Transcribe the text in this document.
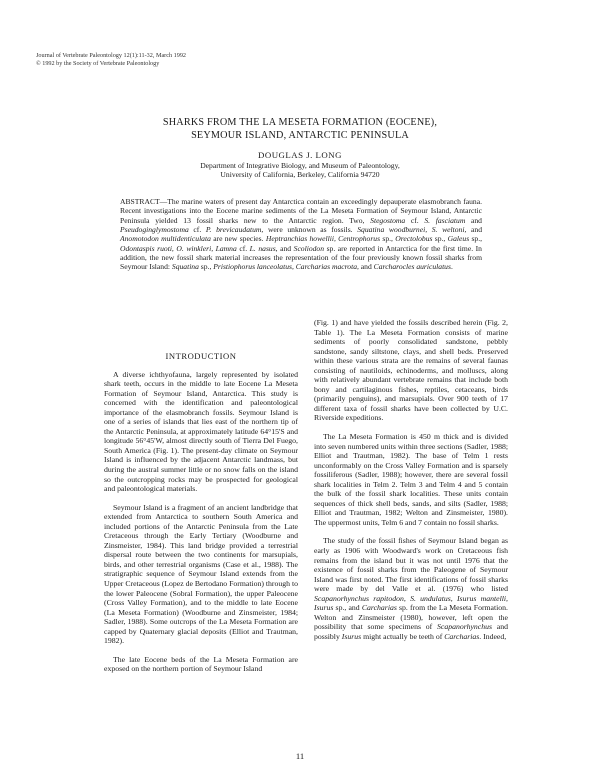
Journal of Vertebrate Paleontology 12(1):11-32, March 1992
© 1992 by the Society of Vertebrate Paleontology
SHARKS FROM THE LA MESETA FORMATION (EOCENE),
SEYMOUR ISLAND, ANTARCTIC PENINSULA
DOUGLAS J. LONG
Department of Integrative Biology, and Museum of Paleontology,
University of California, Berkeley, California 94720

ABSTRACT—The marine waters of present day Antarctica contain an exceedingly depauperate elasmobranch fauna. Recent investigations into the Eocene marine sediments of the La Meseta Formation of Seymour Island, Antarctic Peninsula yielded 13 fossil sharks new to the Antarctic region. Two, Stegostoma cf. S. fasciatum and Pseudoginglymostoma cf. P. brevicaudatum, were unknown as fossils. Squatina woodburnei, S. weltoni, and Anomotodon multidenticulata are new species. Heptranchias howellii, Centrophorus sp., Orectolobus sp., Galeus sp., Odontaspis ruoti, O. winkleri, Lamna cf. L. nasus, and Scoliodon sp. are reported in Antarctica for the first time. In addition, the new fossil shark material increases the representation of the four previously known fossil sharks from Seymour Island: Squatina sp., Pristiophorus lanceolatus, Carcharias macrota, and Carcharocles auriculatus.

INTRODUCTION

A diverse ichthyofauna, largely represented by isolated shark teeth, occurs in the middle to late Eocene La Meseta Formation of Seymour Island, Antarctica. This study is concerned with the identification and paleontological importance of the elasmobranch fossils. Seymour Island is one of a series of islands that lies east of the northern tip of the Antarctic Peninsula, at approximately latitude 64°15'S and longitude 56°45'W, almost directly south of Tierra Del Fuego, South America (Fig. 1). The present-day climate on Seymour Island is influenced by the adjacent Antarctic landmass, but during the austral summer little or no snow falls on the island so the outcropping rocks may be prospected for geological and paleontological materials.

Seymour Island is a fragment of an ancient landbridge that extended from Antarctica to southern South America and included portions of the Antarctic Peninsula from the Late Cretaceous through the Early Tertiary (Woodburne and Zinsmeister, 1984). This land bridge provided a terrestrial dispersal route between the two continents for marsupials, birds, and other terrestrial organisms (Case et al., 1988). The stratigraphic sequence of Seymour Island extends from the Upper Cretaceous (Lopez de Bertodano Formation) through to the lower Paleocene (Sobral Formation), the upper Paleocene (Cross Valley Formation), and to the middle to late Eocene (La Meseta Formation) (Woodburne and Zinsmeister, 1984; Sadler, 1988). Some outcrops of the La Meseta Formation are capped by Quaternary glacial deposits (Elliot and Trautman, 1982).

The late Eocene beds of the La Meseta Formation are exposed on the northern portion of Seymour Island

(Fig. 1) and have yielded the fossils described herein (Fig. 2, Table 1). The La Meseta Formation consists of marine sediments of poorly consolidated sandstone, pebbly sandstone, sandy siltstone, clays, and shell beds. Preserved within these various strata are the remains of several faunas consisting of nautiloids, echinoderms, and molluscs, along with relatively abundant vertebrate remains that include both bony and cartilaginous fishes, reptiles, cetaceans, birds (primarily penguins), and marsupials. Over 900 teeth of 17 different taxa of fossil sharks have been collected by U.C. Riverside expeditions.

The La Meseta Formation is 450 m thick and is divided into seven numbered units within three sections (Sadler, 1988; Elliot and Trautman, 1982). The base of Telm 1 rests unconformably on the Cross Valley Formation and is sparsely fossiliferous (Sadler, 1988); however, there are several fossil shark localities in Telm 2. Telm 3 and Telm 4 and 5 contain the bulk of the fossil shark localities. These units contain sequences of thick shell beds, sands, and silts (Sadler, 1988; Elliot and Trautman, 1982; Welton and Zinsmeister, 1980). The uppermost units, Telm 6 and 7 contain no fossil sharks.

The study of the fossil fishes of Seymour Island began as early as 1906 with Woodward's work on Cretaceous fish remains from the island but it was not until 1976 that the existence of fossil sharks from the Paleogene of Seymour Island was first noted. The first identifications of fossil sharks were made by del Valle et al. (1976) who listed Scapanorhynchus rapitodon, S. undulatus, Isurus mantelli, Isurus sp., and Carcharias sp. from the La Meseta Formation. Welton and Zinsmeister (1980), however, left open the possibility that some specimens of Scapanorhynchus and possibly Isurus might actually be teeth of Carcharias. Indeed,

11
